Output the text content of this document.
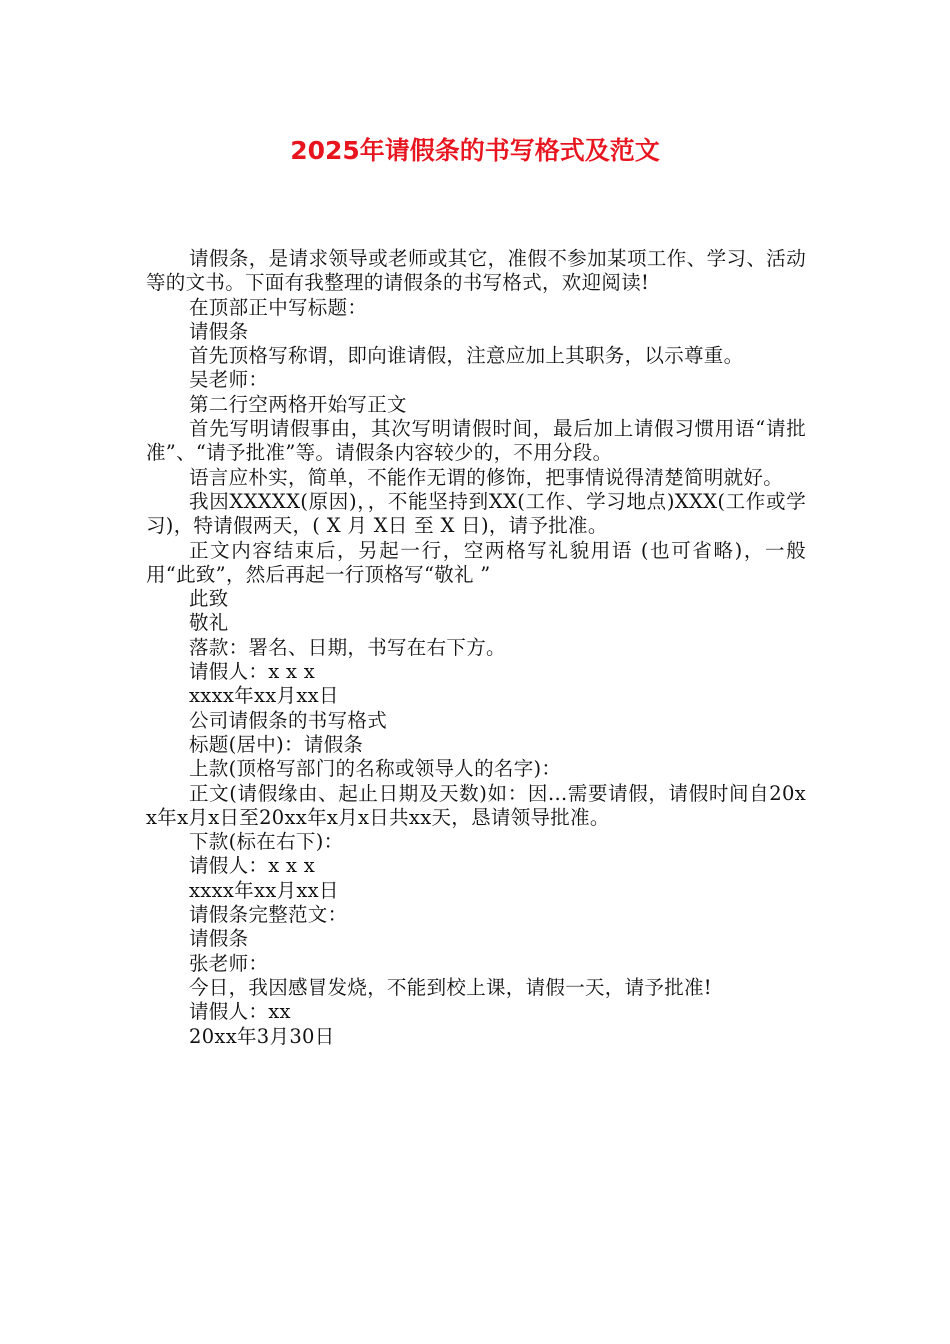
2025年请假条的书写格式及范文

请假条，是请求领导或老师或其它，准假不参加某项工作、学习、活动等的文书。下面有我整理的请假条的书写格式，欢迎阅读!

在顶部正中写标题：

请假条

首先顶格写称谓，即向谁请假，注意应加上其职务，以示尊重。

吴老师：

第二行空两格开始写正文

首先写明请假事由，其次写明请假时间，最后加上请假习惯用语“请批准”、“请予批准”等。请假条内容较少的，不用分段。

语言应朴实，简单，不能作无谓的修饰，把事情说得清楚简明就好。

我因XXXXX(原因)，，不能坚持到XX(工作、学习地点)XXX(工作或学习)，特请假两天，( X 月 X日 至 X 日)，请予批准。

正文内容结束后，另起一行，空两格写礼貌用语 (也可省略)，一般用“此致”，然后再起一行顶格写“敬礼 ”

此致

敬礼

落款：署名、日期，书写在右下方。

请假人：x x x

xxxx年xx月xx日

公司请假条的书写格式

标题(居中)：请假条

上款(顶格写部门的名称或领导人的名字)：

正文(请假缘由、起止日期及天数)如：因...需要请假，请假时间自20xx年x月x日至20xx年x月x日共xx天，恳请领导批准。

下款(标在右下)：

请假人：x x x

xxxx年xx月xx日

请假条完整范文：

请假条

张老师：

今日，我因感冒发烧，不能到校上课，请假一天，请予批准!

请假人：xx

20xx年3月30日
